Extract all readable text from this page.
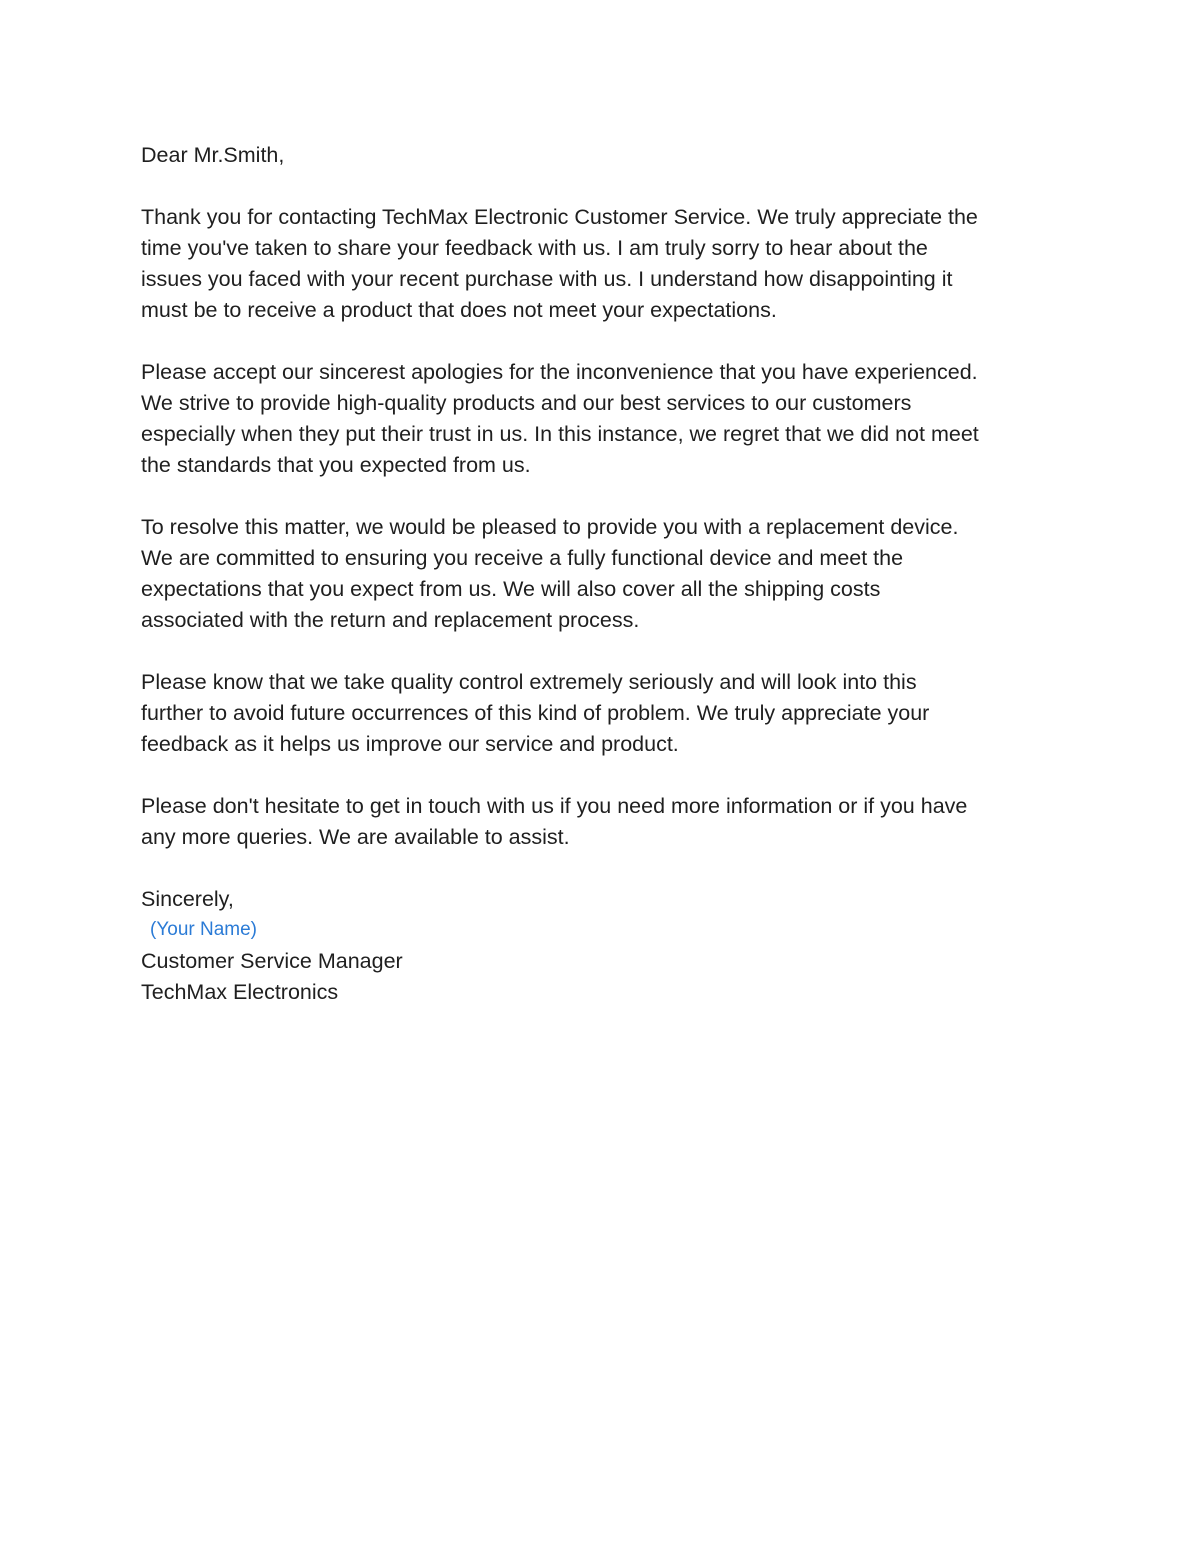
Dear Mr.Smith,

Thank you for contacting TechMax Electronic Customer Service. We truly appreciate the
time you've taken to share your feedback with us. I am truly sorry to hear about the
issues you faced with your recent purchase with us. I understand how disappointing it
must be to receive a product that does not meet your expectations.

Please accept our sincerest apologies for the inconvenience that you have experienced.
We strive to provide high-quality products and our best services to our customers
especially when they put their trust in us. In this instance, we regret that we did not meet
the standards that you expected from us.

To resolve this matter, we would be pleased to provide you with a replacement device.
We are committed to ensuring you receive a fully functional device and meet the
expectations that you expect from us. We will also cover all the shipping costs
associated with the return and replacement process.

Please know that we take quality control extremely seriously and will look into this
further to avoid future occurrences of this kind of problem. We truly appreciate your
feedback as it helps us improve our service and product.

Please don't hesitate to get in touch with us if you need more information or if you have
any more queries. We are available to assist.

Sincerely,
(Your Name)
Customer Service Manager
TechMax Electronics
